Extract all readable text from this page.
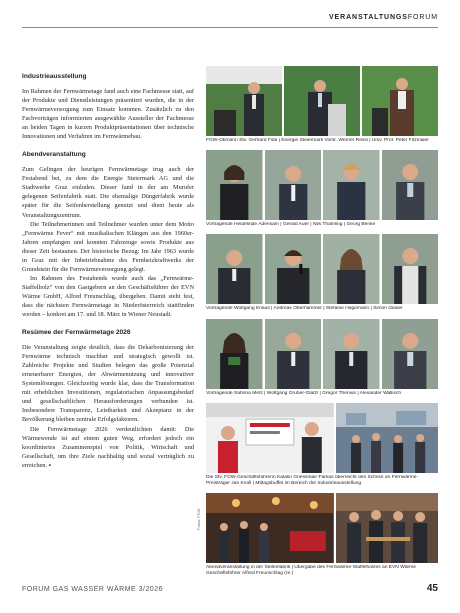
VERANSTALTUNGSFORUM
Industrieausstellung

Im Rahmen der Fernwärmetage fand auch eine Fachmesse statt, auf der Produkte und Dienstleistungen präsentiert wurden, die in der Fernwärmeversorgung zum Einsatz kommen. Zusätzlich zu den Fachvorträgen informierten ausgewählte Aussteller der Fachmesse an beiden Tagen in kurzen Produktpräsentationen über technische Innovationen und Verfahren im Fernwärmebau.

Abendveranstaltung

Zum Gelingen der heurigen Fernwärmetage trug auch der Festabend bei, zu dem die Energie Steiermark AG und die Stadtwerke Graz einluden. Dieser fand in der am Murufer gelegenen Seifenfabrik statt. Die ehemalige Düngerfabrik wurde später für die Seifenherstellung genutzt und dient heute als Veranstaltungszentrum.

Die Teilnehmerinnen und Teilnehmer wurden unter dem Motto „Fernwärme Fever“ mit musikalischen Klängen aus den 1960er-Jahren empfangen und konnten Fahrzeuge sowie Produkte aus dieser Zeit bestaunen. Der historische Bezug: Im Jahr 1963 wurde in Graz mit der Inbetriebnahme des Fernheizkraftwerks der Grundstein für die Fernwärmeversorgung gelegt.

Im Rahmen des Festabends wurde auch das „Fernwärme-Staffelholz“ von den Gastgebern an den Geschäftsführer der EVN Wärme GmbH, Alfred Freunschlag, übergeben. Damit steht fest, dass die nächsten Fernwärmetage in Niederösterreich stattfinden werden – konkret am 17. und 18. März in Wiener Neustadt.

Resümee der Fernwärmetage 2026

Die Veranstaltung zeigte deutlich, dass die Dekarbonisierung der Fernwärme technisch machbar und strategisch gewollt ist. Zahlreiche Projekte und Studien belegen das große Potenzial erneuerbarer Energien, der Abwärmenutzung und innovativer Systemlösungen. Gleichzeitig wurde klar, dass die Transformation mit erheblichen Investitionen, regulatorischen Anpassungsbedarf und gesellschaftlichen Herausforderungen verbunden ist. Insbesondere Transparenz, Leistbarkeit und Akzeptanz in der Bevölkerung bleiben zentrale Erfolgsfaktoren.

Die Fernwärmetage 2026 verdeutlichten damit: Die Wärmewende ist auf einem guten Weg, erfordert jedoch ein koordiniertes Zusammenspiel von Politik, Wirtschaft und Gesellschaft, um ihre Ziele nachhaltig und sozial verträglich zu erreichen. ▪

FGW-Obmann Stv. Gerhard Fida | Energie Steiermark Vorst. Werner Ressi | Univ. Prof. Peter Fitzmaier
Vortragende Heidelinde Adensam | Gerald Auer | Nils Thamling | Georg Benke
Vortragende Wolfgang Knaus | Andreas Oberhammer | Stefanie Hagemann | Simon Glaser
Vortragende Sabrina Metz | Wolfgang Gruber-Glatzl | Gregor Thenius | Alexander Wallisch
Die Stv. FGW-Geschäftsführerin Katalin Griessmair-Farkas überreicht den Scheck an Fernwärme-Preisträger Jan Knoll | Mittagsbuffet im Bereich der Industrieausstellung
Abendveranstaltung in der Seifenfabrik | Übergabe des Fernwärme-Staffelholzes an EVN Wärme Geschäftsführer Alfred Freunschlag (re.)
Fotos: FGW
FORUM GAS WASSER WÄRME 3/2026	45
